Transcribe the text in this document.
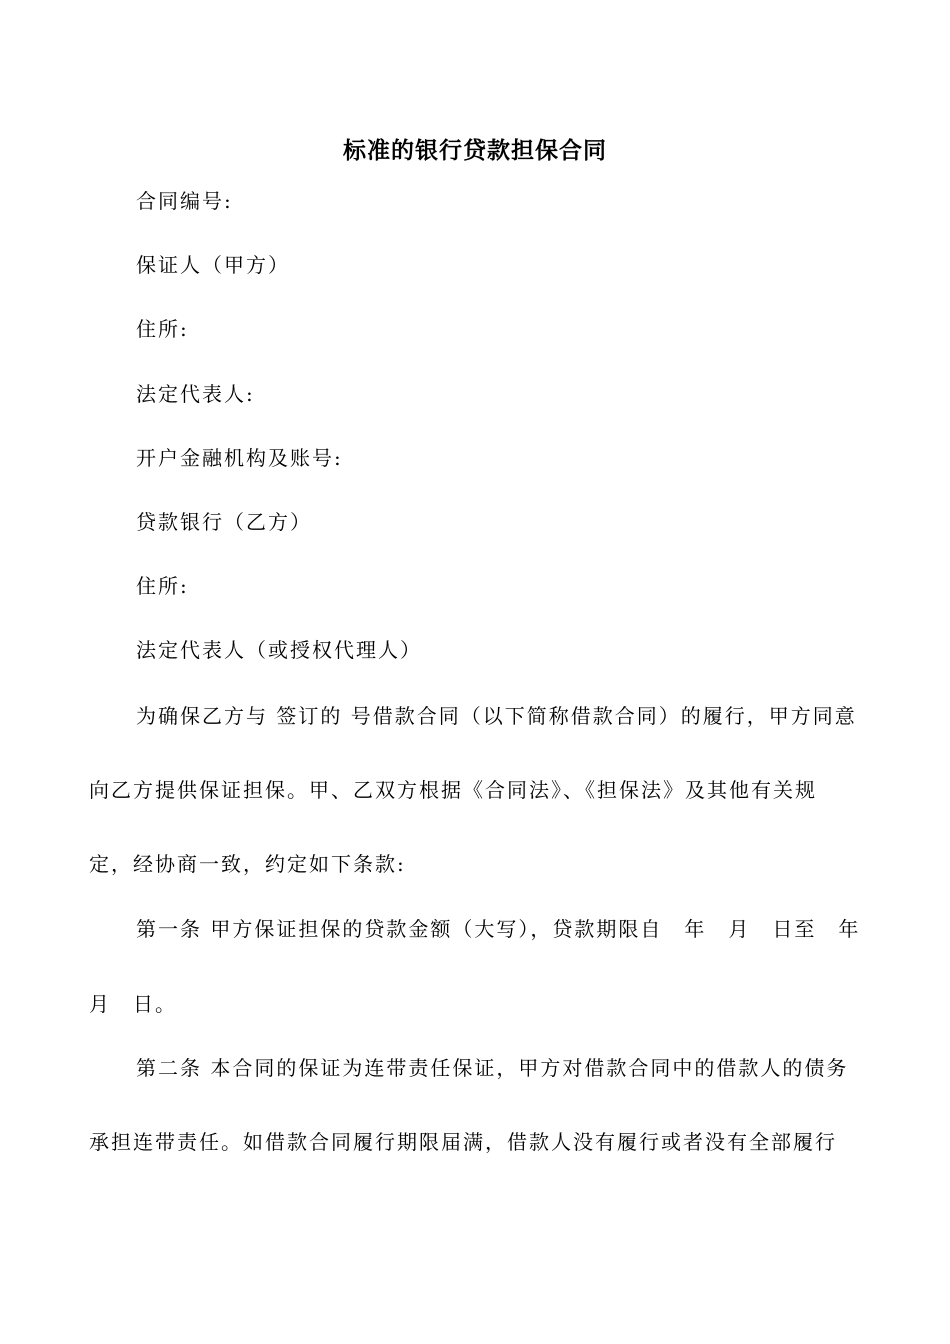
标准的银行贷款担保合同
合同编号:
保证人（甲方）
住所:
法定代表人:
开户金融机构及账号:
贷款银行（乙方）
住所:
法定代表人（或授权代理人）
为确保乙方与 签订的 号借款合同（以下简称借款合同）的履行，甲方同意
向乙方提供保证担保。甲、乙双方根据《合同法》、《担保法》及其他有关规
定，经协商一致，约定如下条款:
第一条 甲方保证担保的贷款金额（大写），贷款期限自　年　月　日至　年
月　日。
第二条 本合同的保证为连带责任保证，甲方对借款合同中的借款人的债务
承担连带责任。如借款合同履行期限届满，借款人没有履行或者没有全部履行
